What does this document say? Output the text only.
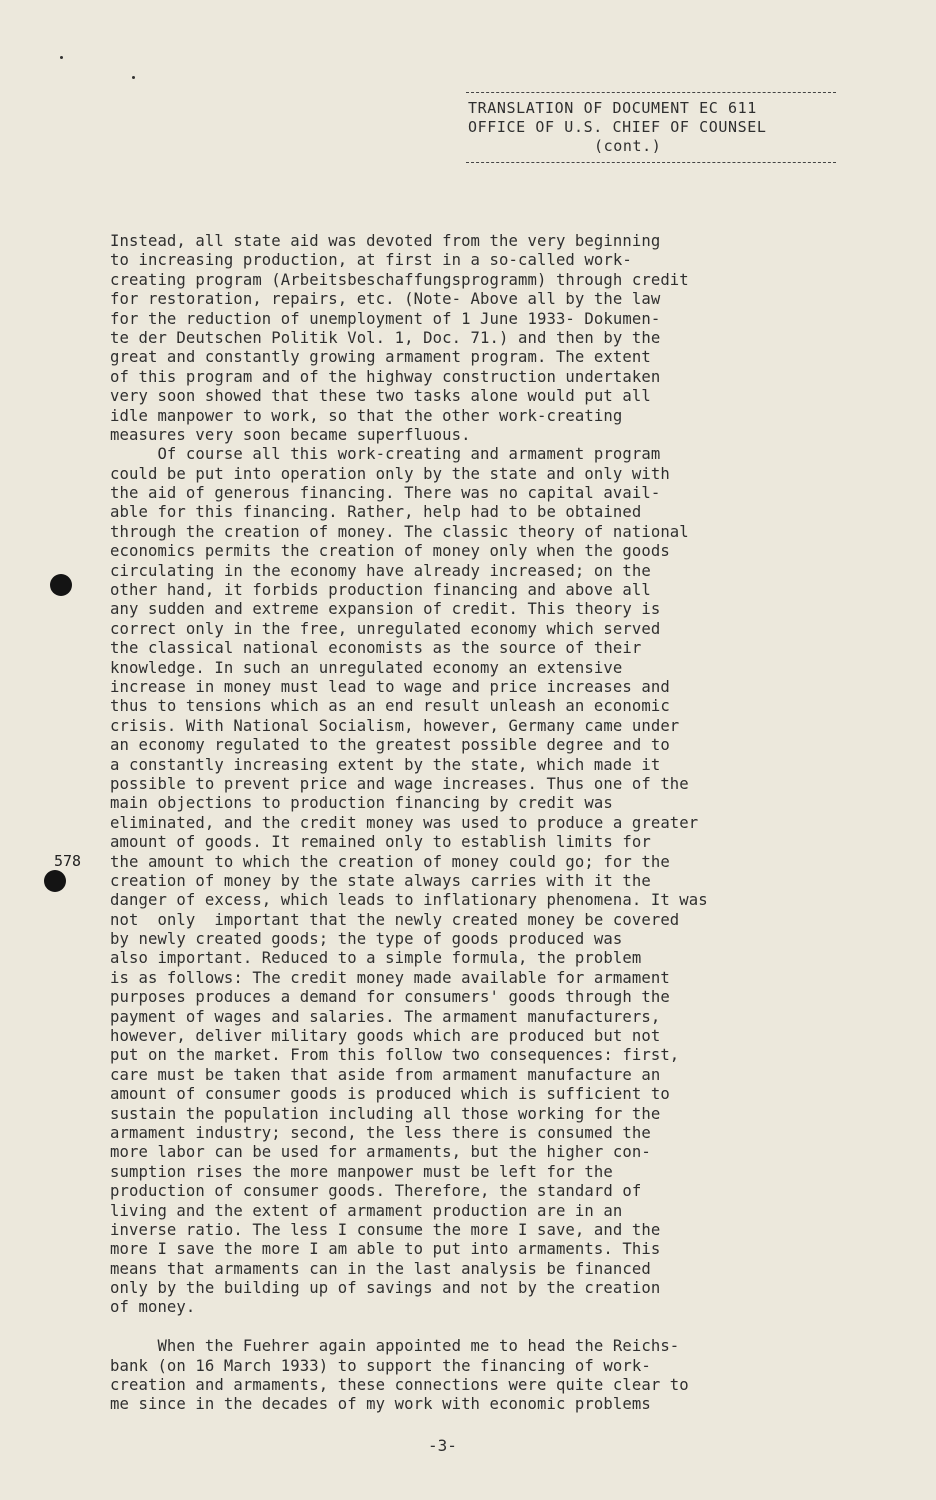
TRANSLATION OF DOCUMENT EC 611
OFFICE OF U.S. CHIEF OF COUNSEL
(cont.)
578
Instead, all state aid was devoted from the very beginning
to increasing production, at first in a so-called work-
creating program (Arbeitsbeschaffungsprogramm) through credit
for restoration, repairs, etc. (Note- Above all by the law
for the reduction of unemployment of 1 June 1933- Dokumen-
te der Deutschen Politik Vol. 1, Doc. 71.) and then by the
great and constantly growing armament program. The extent
of this program and of the highway construction undertaken
very soon showed that these two tasks alone would put all
idle manpower to work, so that the other work-creating
measures very soon became superfluous.
Of course all this work-creating and armament program
could be put into operation only by the state and only with
the aid of generous financing. There was no capital avail-
able for this financing. Rather, help had to be obtained
through the creation of money. The classic theory of national
economics permits the creation of money only when the goods
circulating in the economy have already increased; on the
other hand, it forbids production financing and above all
any sudden and extreme expansion of credit. This theory is
correct only in the free, unregulated economy which served
the classical national economists as the source of their
knowledge. In such an unregulated economy an extensive
increase in money must lead to wage and price increases and
thus to tensions which as an end result unleash an economic
crisis. With National Socialism, however, Germany came under
an economy regulated to the greatest possible degree and to
a constantly increasing extent by the state, which made it
possible to prevent price and wage increases. Thus one of the
main objections to production financing by credit was
eliminated, and the credit money was used to produce a greater
amount of goods. It remained only to establish limits for
the amount to which the creation of money could go; for the
creation of money by the state always carries with it the
danger of excess, which leads to inflationary phenomena. It was
not  only  important that the newly created money be covered
by newly created goods; the type of goods produced was
also important. Reduced to a simple formula, the problem
is as follows: The credit money made available for armament
purposes produces a demand for consumers' goods through the
payment of wages and salaries. The armament manufacturers,
however, deliver military goods which are produced but not
put on the market. From this follow two consequences: first,
care must be taken that aside from armament manufacture an
amount of consumer goods is produced which is sufficient to
sustain the population including all those working for the
armament industry; second, the less there is consumed the
more labor can be used for armaments, but the higher con-
sumption rises the more manpower must be left for the
production of consumer goods. Therefore, the standard of
living and the extent of armament production are in an
inverse ratio. The less I consume the more I save, and the
more I save the more I am able to put into armaments. This
means that armaments can in the last analysis be financed
only by the building up of savings and not by the creation
of money.
When the Fuehrer again appointed me to head the Reichs-
bank (on 16 March 1933) to support the financing of work-
creation and armaments, these connections were quite clear to
me since in the decades of my work with economic problems
-3-
